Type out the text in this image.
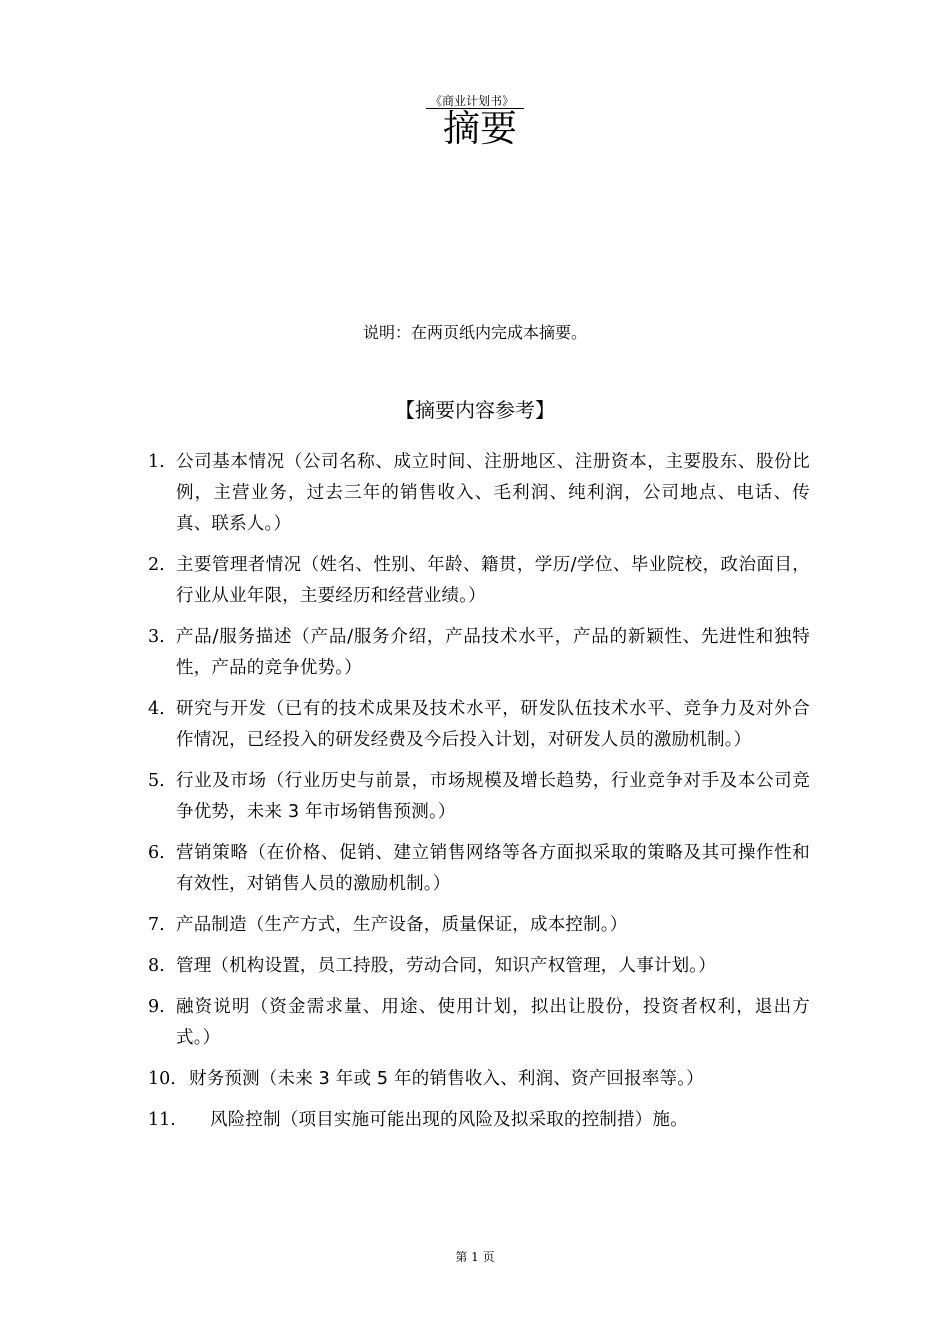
《商业计划书》
摘要
说明：在两页纸内完成本摘要。
【摘要内容参考】
1. 公司基本情况（公司名称、成立时间、注册地区、注册资本，主要股东、股份比例，主营业务，过去三年的销售收入、毛利润、纯利润，公司地点、电话、传真、联系人。）
2. 主要管理者情况（姓名、性别、年龄、籍贯，学历/学位、毕业院校，政治面目，行业从业年限，主要经历和经营业绩。）
3. 产品/服务描述（产品/服务介绍，产品技术水平，产品的新颖性、先进性和独特性，产品的竞争优势。）
4. 研究与开发（已有的技术成果及技术水平，研发队伍技术水平、竞争力及对外合作情况，已经投入的研发经费及今后投入计划，对研发人员的激励机制。）
5. 行业及市场（行业历史与前景，市场规模及增长趋势，行业竞争对手及本公司竞争优势，未来 3 年市场销售预测。）
6. 营销策略（在价格、促销、建立销售网络等各方面拟采取的策略及其可操作性和有效性，对销售人员的激励机制。）
7. 产品制造（生产方式，生产设备，质量保证，成本控制。）
8. 管理（机构设置，员工持股，劳动合同，知识产权管理，人事计划。）
9. 融资说明（资金需求量、用途、使用计划，拟出让股份，投资者权利，退出方式。）
10. 财务预测（未来 3 年或 5 年的销售收入、利润、资产回报率等。）
11.	风险控制（项目实施可能出现的风险及拟采取的控制措）施。
第 1 页
